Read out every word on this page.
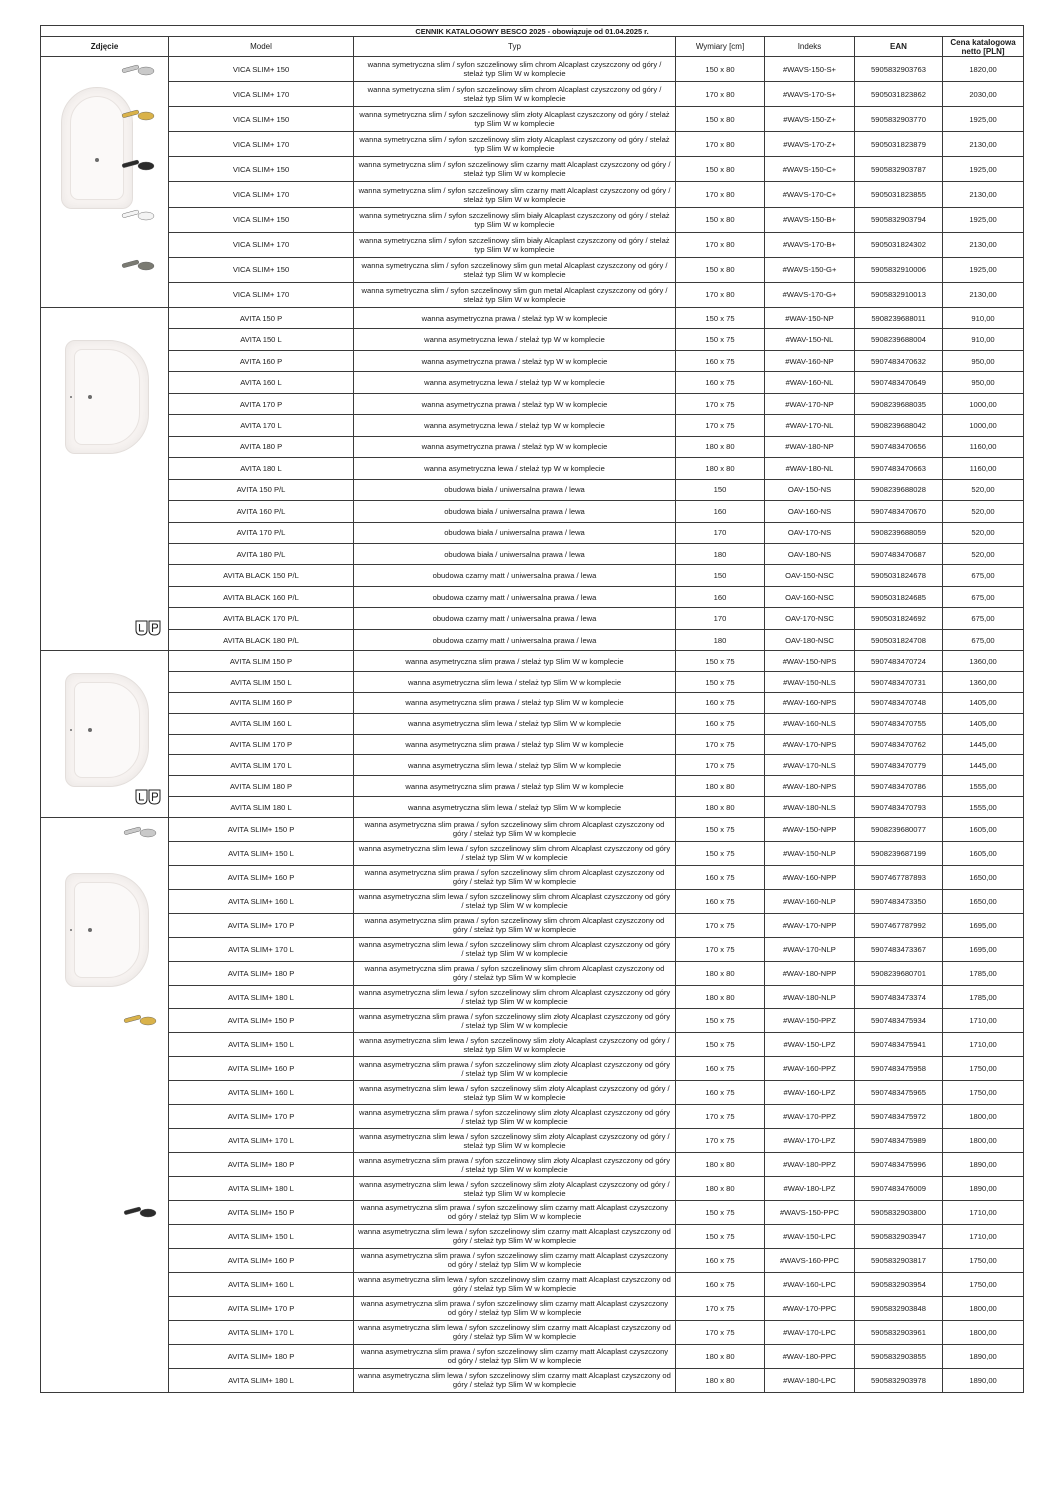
CENNIK KATALOGOWY BESCO 2025 - obowiązuje od 01.04.2025 r.						
Zdjęcie	Model	Typ	Wymiary [cm]	Indeks	EAN	Cena katalogowa netto [PLN]

	VICA SLIM+ 150	wanna symetryczna slim / syfon szczelinowy slim chrom Alcaplast czyszczony od góry / stelaż typ Slim W w komplecie	150 x 80	#WAVS-150-S+	5905832903763	1820,00
	VICA SLIM+ 170	wanna symetryczna slim / syfon szczelinowy slim chrom Alcaplast czyszczony od góry / stelaż typ Slim W w komplecie	170 x 80	#WAVS-170-S+	5905031823862	2030,00
	VICA SLIM+ 150	wanna symetryczna slim / syfon szczelinowy slim złoty Alcaplast czyszczony od góry / stelaż typ Slim W w komplecie	150 x 80	#WAVS-150-Z+	5905832903770	1925,00
	VICA SLIM+ 170	wanna symetryczna slim / syfon szczelinowy slim złoty Alcaplast czyszczony od góry / stelaż typ Slim W w komplecie	170 x 80	#WAVS-170-Z+	5905031823879	2130,00
	VICA SLIM+ 150	wanna symetryczna slim / syfon szczelinowy slim czarny matt Alcaplast czyszczony od góry / stelaż typ Slim W w komplecie	150 x 80	#WAVS-150-C+	5905832903787	1925,00
	VICA SLIM+ 170	wanna symetryczna slim / syfon szczelinowy slim czarny matt Alcaplast czyszczony od góry / stelaż typ Slim W w komplecie	170 x 80	#WAVS-170-C+	5905031823855	2130,00
	VICA SLIM+ 150	wanna symetryczna slim / syfon szczelinowy slim biały Alcaplast czyszczony od góry / stelaż typ Slim W w komplecie	150 x 80	#WAVS-150-B+	5905832903794	1925,00
	VICA SLIM+ 170	wanna symetryczna slim / syfon szczelinowy slim biały Alcaplast czyszczony od góry / stelaż typ Slim W w komplecie	170 x 80	#WAVS-170-B+	5905031824302	2130,00
	VICA SLIM+ 150	wanna symetryczna slim / syfon szczelinowy slim gun metal Alcaplast czyszczony od góry / stelaż typ Slim W w komplecie	150 x 80	#WAVS-150-G+	5905832910006	1925,00
	VICA SLIM+ 170	wanna symetryczna slim / syfon szczelinowy slim gun metal Alcaplast czyszczony od góry / stelaż typ Slim W w komplecie	170 x 80	#WAVS-170-G+	5905832910013	2130,00

	AVITA 150 P	wanna asymetryczna prawa / stelaż typ W w komplecie	150 x 75	#WAV-150-NP	5908239688011	910,00
	AVITA 150 L	wanna asymetryczna lewa / stelaż typ W w komplecie	150 x 75	#WAV-150-NL	5908239688004	910,00
	AVITA 160 P	wanna asymetryczna prawa / stelaż typ W w komplecie	160 x 75	#WAV-160-NP	5907483470632	950,00
	AVITA 160 L	wanna asymetryczna lewa / stelaż typ W w komplecie	160 x 75	#WAV-160-NL	5907483470649	950,00
	AVITA 170 P	wanna asymetryczna prawa / stelaż typ W w komplecie	170 x 75	#WAV-170-NP	5908239688035	1000,00
	AVITA 170 L	wanna asymetryczna lewa / stelaż typ W w komplecie	170 x 75	#WAV-170-NL	5908239688042	1000,00
	AVITA 180 P	wanna asymetryczna prawa / stelaż typ W w komplecie	180 x 80	#WAV-180-NP	5907483470656	1160,00
	AVITA 180 L	wanna asymetryczna lewa / stelaż typ W w komplecie	180 x 80	#WAV-180-NL	5907483470663	1160,00
	AVITA 150 P/L	obudowa biała / uniwersalna prawa / lewa	150	OAV-150-NS	5908239688028	520,00
	AVITA 160 P/L	obudowa biała / uniwersalna prawa / lewa	160	OAV-160-NS	5907483470670	520,00
	AVITA 170 P/L	obudowa biała / uniwersalna prawa / lewa	170	OAV-170-NS	5908239688059	520,00
	AVITA 180 P/L	obudowa biała / uniwersalna prawa / lewa	180	OAV-180-NS	5907483470687	520,00
	AVITA BLACK 150 P/L	obudowa czarny matt / uniwersalna prawa / lewa	150	OAV-150-NSC	5905031824678	675,00
	AVITA BLACK 160 P/L	obudowa czarny matt / uniwersalna prawa / lewa	160	OAV-160-NSC	5905031824685	675,00
	AVITA BLACK 170 P/L	obudowa czarny matt / uniwersalna prawa / lewa	170	OAV-170-NSC	5905031824692	675,00
	AVITA BLACK 180 P/L	obudowa czarny matt / uniwersalna prawa / lewa	180	OAV-180-NSC	5905031824708	675,00

	AVITA SLIM 150 P	wanna asymetryczna slim prawa / stelaż typ Slim W w komplecie	150 x 75	#WAV-150-NPS	5907483470724	1360,00
	AVITA SLIM 150 L	wanna asymetryczna slim lewa / stelaż typ Slim W w komplecie	150 x 75	#WAV-150-NLS	5907483470731	1360,00
	AVITA SLIM 160 P	wanna asymetryczna slim prawa / stelaż typ Slim W w komplecie	160 x 75	#WAV-160-NPS	5907483470748	1405,00
	AVITA SLIM 160 L	wanna asymetryczna slim lewa / stelaż typ Slim W w komplecie	160 x 75	#WAV-160-NLS	5907483470755	1405,00
	AVITA SLIM 170 P	wanna asymetryczna slim prawa / stelaż typ Slim W w komplecie	170 x 75	#WAV-170-NPS	5907483470762	1445,00
	AVITA SLIM 170 L	wanna asymetryczna slim lewa / stelaż typ Slim W w komplecie	170 x 75	#WAV-170-NLS	5907483470779	1445,00
	AVITA SLIM 180 P	wanna asymetryczna slim prawa / stelaż typ Slim W w komplecie	180 x 80	#WAV-180-NPS	5907483470786	1555,00
	AVITA SLIM 180 L	wanna asymetryczna slim lewa / stelaż typ Slim W w komplecie	180 x 80	#WAV-180-NLS	5907483470793	1555,00

	AVITA SLIM+ 150 P	wanna asymetryczna slim prawa / syfon szczelinowy slim chrom Alcaplast czyszczony od góry / stelaż typ Slim W w komplecie	150 x 75	#WAV-150-NPP	5908239680077	1605,00
	AVITA SLIM+ 150 L	wanna asymetryczna slim lewa / syfon szczelinowy slim chrom Alcaplast czyszczony od góry / stelaż typ Slim W w komplecie	150 x 75	#WAV-150-NLP	5908239687199	1605,00
	AVITA SLIM+ 160 P	wanna asymetryczna slim prawa / syfon szczelinowy slim chrom Alcaplast czyszczony od góry / stelaż typ Slim W w komplecie	160 x 75	#WAV-160-NPP	5907467787893	1650,00
	AVITA SLIM+ 160 L	wanna asymetryczna slim lewa / syfon szczelinowy slim chrom Alcaplast czyszczony od góry / stelaż typ Slim W w komplecie	160 x 75	#WAV-160-NLP	5907483473350	1650,00
	AVITA SLIM+ 170 P	wanna asymetryczna slim prawa / syfon szczelinowy slim chrom Alcaplast czyszczony od góry / stelaż typ Slim W w komplecie	170 x 75	#WAV-170-NPP	5907467787992	1695,00
	AVITA SLIM+ 170 L	wanna asymetryczna slim lewa / syfon szczelinowy slim chrom Alcaplast czyszczony od góry / stelaż typ Slim W w komplecie	170 x 75	#WAV-170-NLP	5907483473367	1695,00
	AVITA SLIM+ 180 P	wanna asymetryczna slim prawa / syfon szczelinowy slim chrom Alcaplast czyszczony od góry / stelaż typ Slim W w komplecie	180 x 80	#WAV-180-NPP	5908239680701	1785,00
	AVITA SLIM+ 180 L	wanna asymetryczna slim lewa / syfon szczelinowy slim chrom Alcaplast czyszczony od góry / stelaż typ Slim W w komplecie	180 x 80	#WAV-180-NLP	5907483473374	1785,00
	AVITA SLIM+ 150 P	wanna asymetryczna slim prawa / syfon szczelinowy slim złoty Alcaplast czyszczony od góry / stelaż typ Slim W w komplecie	150 x 75	#WAV-150-PPZ	5907483475934	1710,00
	AVITA SLIM+ 150 L	wanna asymetryczna slim lewa / syfon szczelinowy slim złoty Alcaplast czyszczony od góry / stelaż typ Slim W w komplecie	150 x 75	#WAV-150-LPZ	5907483475941	1710,00
	AVITA SLIM+ 160 P	wanna asymetryczna slim prawa / syfon szczelinowy slim złoty Alcaplast czyszczony od góry / stelaż typ Slim W w komplecie	160 x 75	#WAV-160-PPZ	5907483475958	1750,00
	AVITA SLIM+ 160 L	wanna asymetryczna slim lewa / syfon szczelinowy slim złoty Alcaplast czyszczony od góry / stelaż typ Slim W w komplecie	160 x 75	#WAV-160-LPZ	5907483475965	1750,00
	AVITA SLIM+ 170 P	wanna asymetryczna slim prawa / syfon szczelinowy slim złoty Alcaplast czyszczony od góry / stelaż typ Slim W w komplecie	170 x 75	#WAV-170-PPZ	5907483475972	1800,00
	AVITA SLIM+ 170 L	wanna asymetryczna slim lewa / syfon szczelinowy slim złoty Alcaplast czyszczony od góry / stelaż typ Slim W w komplecie	170 x 75	#WAV-170-LPZ	5907483475989	1800,00
	AVITA SLIM+ 180 P	wanna asymetryczna slim prawa / syfon szczelinowy slim złoty Alcaplast czyszczony od góry / stelaż typ Slim W w komplecie	180 x 80	#WAV-180-PPZ	5907483475996	1890,00
	AVITA SLIM+ 180 L	wanna asymetryczna slim lewa / syfon szczelinowy slim złoty Alcaplast czyszczony od góry / stelaż typ Slim W w komplecie	180 x 80	#WAV-180-LPZ	5907483476009	1890,00
	AVITA SLIM+ 150 P	wanna asymetryczna slim prawa / syfon szczelinowy slim czarny matt Alcaplast czyszczony od góry / stelaż typ Slim W w komplecie	150 x 75	#WAVS-150-PPC	5905832903800	1710,00
	AVITA SLIM+ 150 L	wanna asymetryczna slim lewa / syfon szczelinowy slim czarny matt Alcaplast czyszczony od góry / stelaż typ Slim W w komplecie	150 x 75	#WAV-150-LPC	5905832903947	1710,00
	AVITA SLIM+ 160 P	wanna asymetryczna slim prawa / syfon szczelinowy slim czarny matt Alcaplast czyszczony od góry / stelaż typ Slim W w komplecie	160 x 75	#WAVS-160-PPC	5905832903817	1750,00
	AVITA SLIM+ 160 L	wanna asymetryczna slim lewa / syfon szczelinowy slim czarny matt Alcaplast czyszczony od góry / stelaż typ Slim W w komplecie	160 x 75	#WAV-160-LPC	5905832903954	1750,00
	AVITA SLIM+ 170 P	wanna asymetryczna slim prawa / syfon szczelinowy slim czarny matt Alcaplast czyszczony od góry / stelaż typ Slim W w komplecie	170 x 75	#WAV-170-PPC	5905832903848	1800,00
	AVITA SLIM+ 170 L	wanna asymetryczna slim lewa / syfon szczelinowy slim czarny matt Alcaplast czyszczony od góry / stelaż typ Slim W w komplecie	170 x 75	#WAV-170-LPC	5905832903961	1800,00
	AVITA SLIM+ 180 P	wanna asymetryczna slim prawa / syfon szczelinowy slim czarny matt Alcaplast czyszczony od góry / stelaż typ Slim W w komplecie	180 x 80	#WAV-180-PPC	5905832903855	1890,00
	AVITA SLIM+ 180 L	wanna asymetryczna slim lewa / syfon szczelinowy slim czarny matt Alcaplast czyszczony od góry / stelaż typ Slim W w komplecie	180 x 80	#WAV-180-LPC	5905832903978	1890,00
